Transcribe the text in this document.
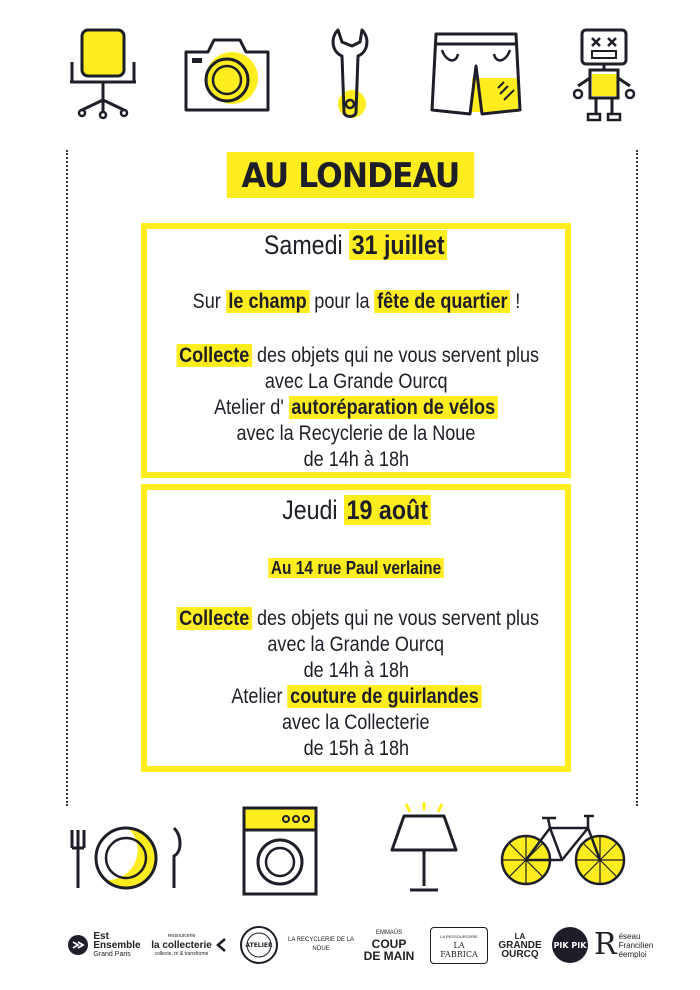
AU LONDEAU
Samedi 31 juillet
Sur le champ pour la fête de quartier !
Collecte des objets qui ne vous servent plus
avec La Grande Ourcq
Atelier d' autoréparation de vélos
avec la Recyclerie de la Noue
de 14h à 18h
Jeudi 19 août
Au 14 rue Paul verlaine
Collecte des objets qui ne vous servent plus
avec la Grande Ourcq
de 14h à 18h
Atelier couture de guirlandes
avec la Collecterie
de 15h à 18h
Est
Ensemble
Grand Paris
ressourcerie
la collecterie
collecte, tri & transforme
ATELIER
LA RECYCLERIE DE LA NOUE
EMMAÜS
COUP
DE MAIN
LA RESSOURCERIE
LA FABRICA
LA
GRANDE
OURCQ
PIK PIK R éseau
Francilien
éemploi
